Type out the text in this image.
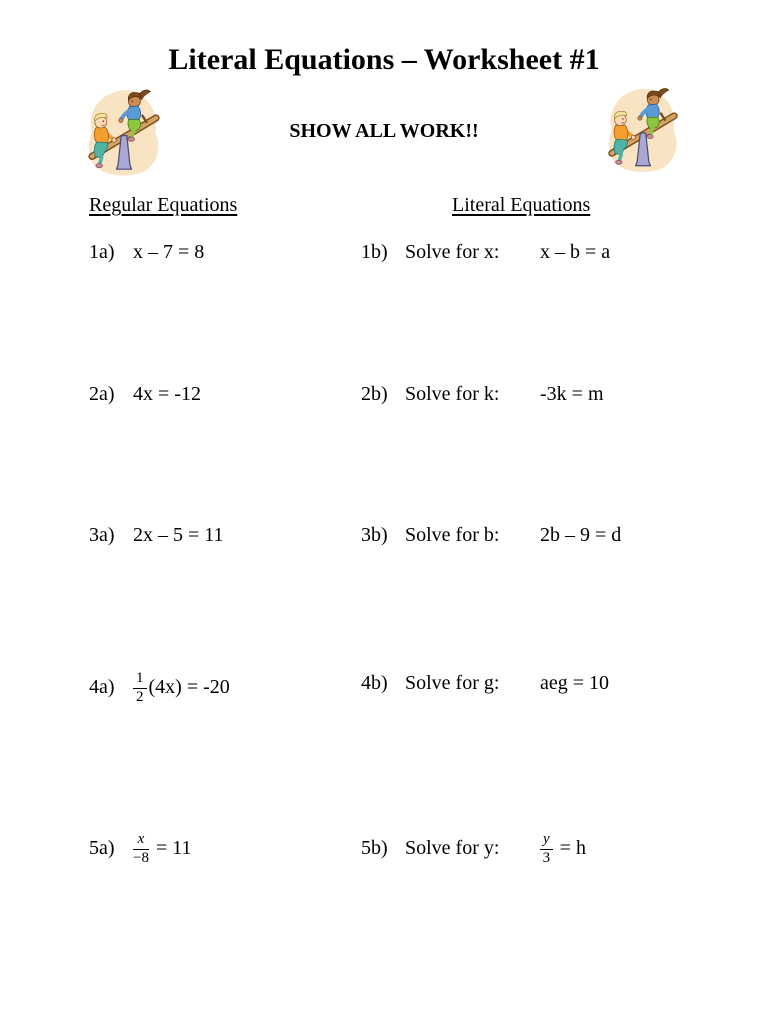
Literal Equations – Worksheet #1
SHOW ALL WORK!!
Regular Equations	Literal Equations
1a) x – 7 = 8	1b) Solve for x: x – b = a
2a) 4x = -12	2b) Solve for k: -3k = m
3a) 2x – 5 = 11	3b) Solve for b: 2b – 9 = d
$4a) \frac{1}{2} (4x) = -20$	4b) Solve for g: aeg = 10
$5a) \frac{x}{-8} = 11$	5b) Solve for y:	$\frac{y}{3} = h$
